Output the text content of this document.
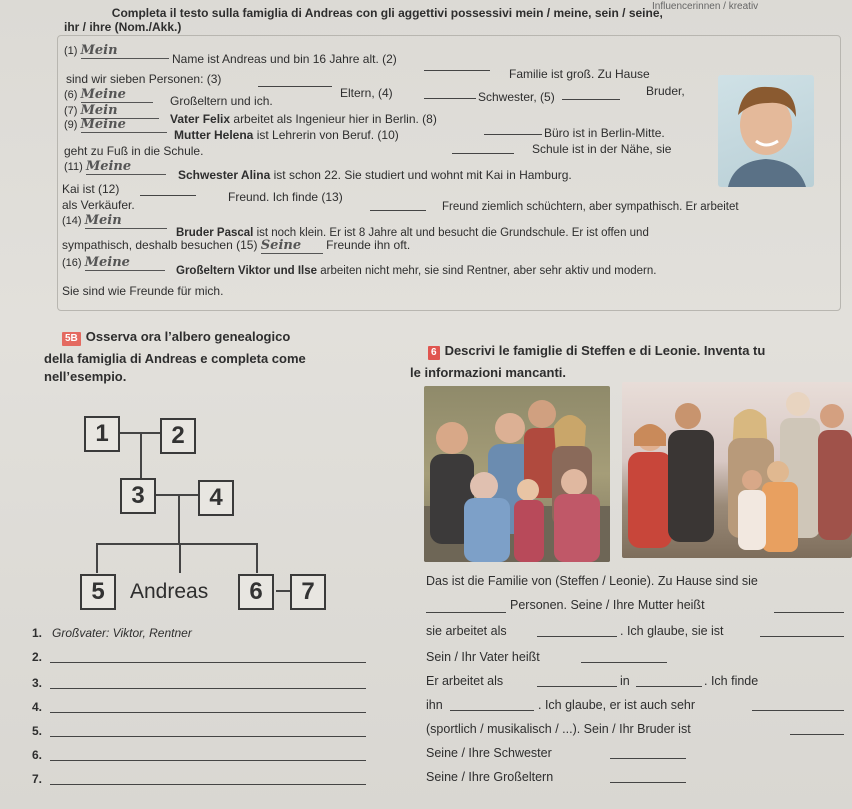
Influencerinnen / kreativ
Completa il testo sulla famiglia di Andreas con gli aggettivi possessivi mein / meine, sein / seine,
ihr / ihre (Nom./Akk.)
(1) Mein
Name ist Andreas und bin 16 Jahre alt. (2)
Familie ist groß. Zu Hause
sind wir sieben Personen: (3)
Eltern, (4)	Schwester, (5)	Bruder,
(6) Meine	Großeltern und ich.
(7) Mein
Vater Felix arbeitet als Ingenieur hier in Berlin. (8)
Büro ist in Berlin-Mitte.
(9) Meine
Mutter Helena ist Lehrerin von Beruf. (10)
Schule ist in der Nähe, sie
geht zu Fuß in die Schule.
(11) Meine
Schwester Alina ist schon 22. Sie studiert und wohnt mit Kai in Hamburg.
Kai ist (12)
Freund. Ich finde (13)
Freund ziemlich schüchtern, aber sympathisch. Er arbeitet
als Verkäufer.
(14) Mein
Bruder Pascal ist noch klein. Er ist 8 Jahre alt und besucht die Grundschule. Er ist offen und
sympathisch, deshalb besuchen (15) Seine Freunde ihn oft.
(16) Meine
Großeltern Viktor und Ilse arbeiten nicht mehr, sie sind Rentner, aber sehr aktiv und modern.
Sie sind wie Freunde für mich.
5B Osserva ora l’albero genealogico
della famiglia di Andreas e completa come
nell’esempio.
1	2
3	4
5	Andreas	6	7
1. Großvater: Viktor, Rentner
2.
3.
4.
5.
6.
7.
6 Descrivi le famiglie di Steffen e di Leonie. Inventa tu
le informazioni mancanti.
Das ist die Familie von (Steffen / Leonie). Zu Hause sind sie
Personen. Seine / Ihre Mutter heißt
sie arbeitet als	. Ich glaube, sie ist
Sein / Ihr Vater heißt
Er arbeitet als	in	. Ich finde
ihn	. Ich glaube, er ist auch sehr
(sportlich / musikalisch / ...). Sein / Ihr Bruder ist
Seine / Ihre Schwester
Seine / Ihre Großeltern
